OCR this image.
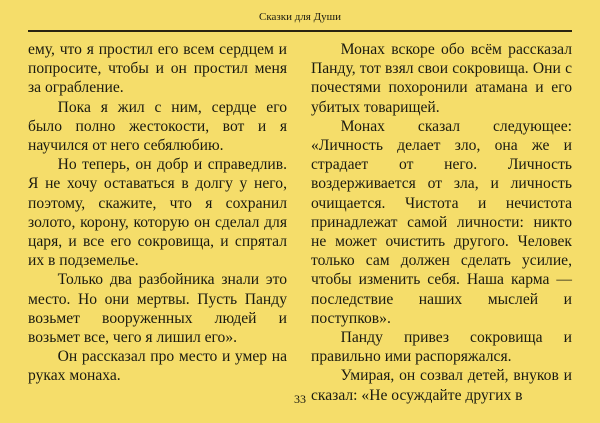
Сказки для Души

ему, что я простил его всем сердцем и попросите, чтобы и он простил меня за ограбление.

Пока я жил с ним, сердце его было полно жестокости, вот и я научился от него себялюбию.

Но теперь, он добр и справедлив. Я не хочу оставаться в долгу у него, поэтому, скажите, что я сохранил золото, корону, которую он сделал для царя, и все его сокровища, и спрятал их в подземелье.

Только два разбойника знали это место. Но они мертвы. Пусть Панду возьмет вооруженных людей и возьмет все, чего я лишил его».

Он рассказал про место и умер на руках монаха.

Монах вскоре обо всём рассказал Панду, тот взял свои сокровища. Они с почестями похоронили атамана и его убитых товарищей.

Монах сказал следующее: «Личность делает зло, она же и страдает от него. Личность воздерживается от зла, и личность очищается. Чистота и нечистота принадлежат самой личности: никто не может очистить другого. Человек только сам должен сделать усилие, чтобы изменить себя. Наша карма — последствие наших мыслей и поступков».

Панду привез сокровища и правильно ими распоряжался.

Умирая, он созвал детей, внуков и сказал: «Не осуждайте других в

33
